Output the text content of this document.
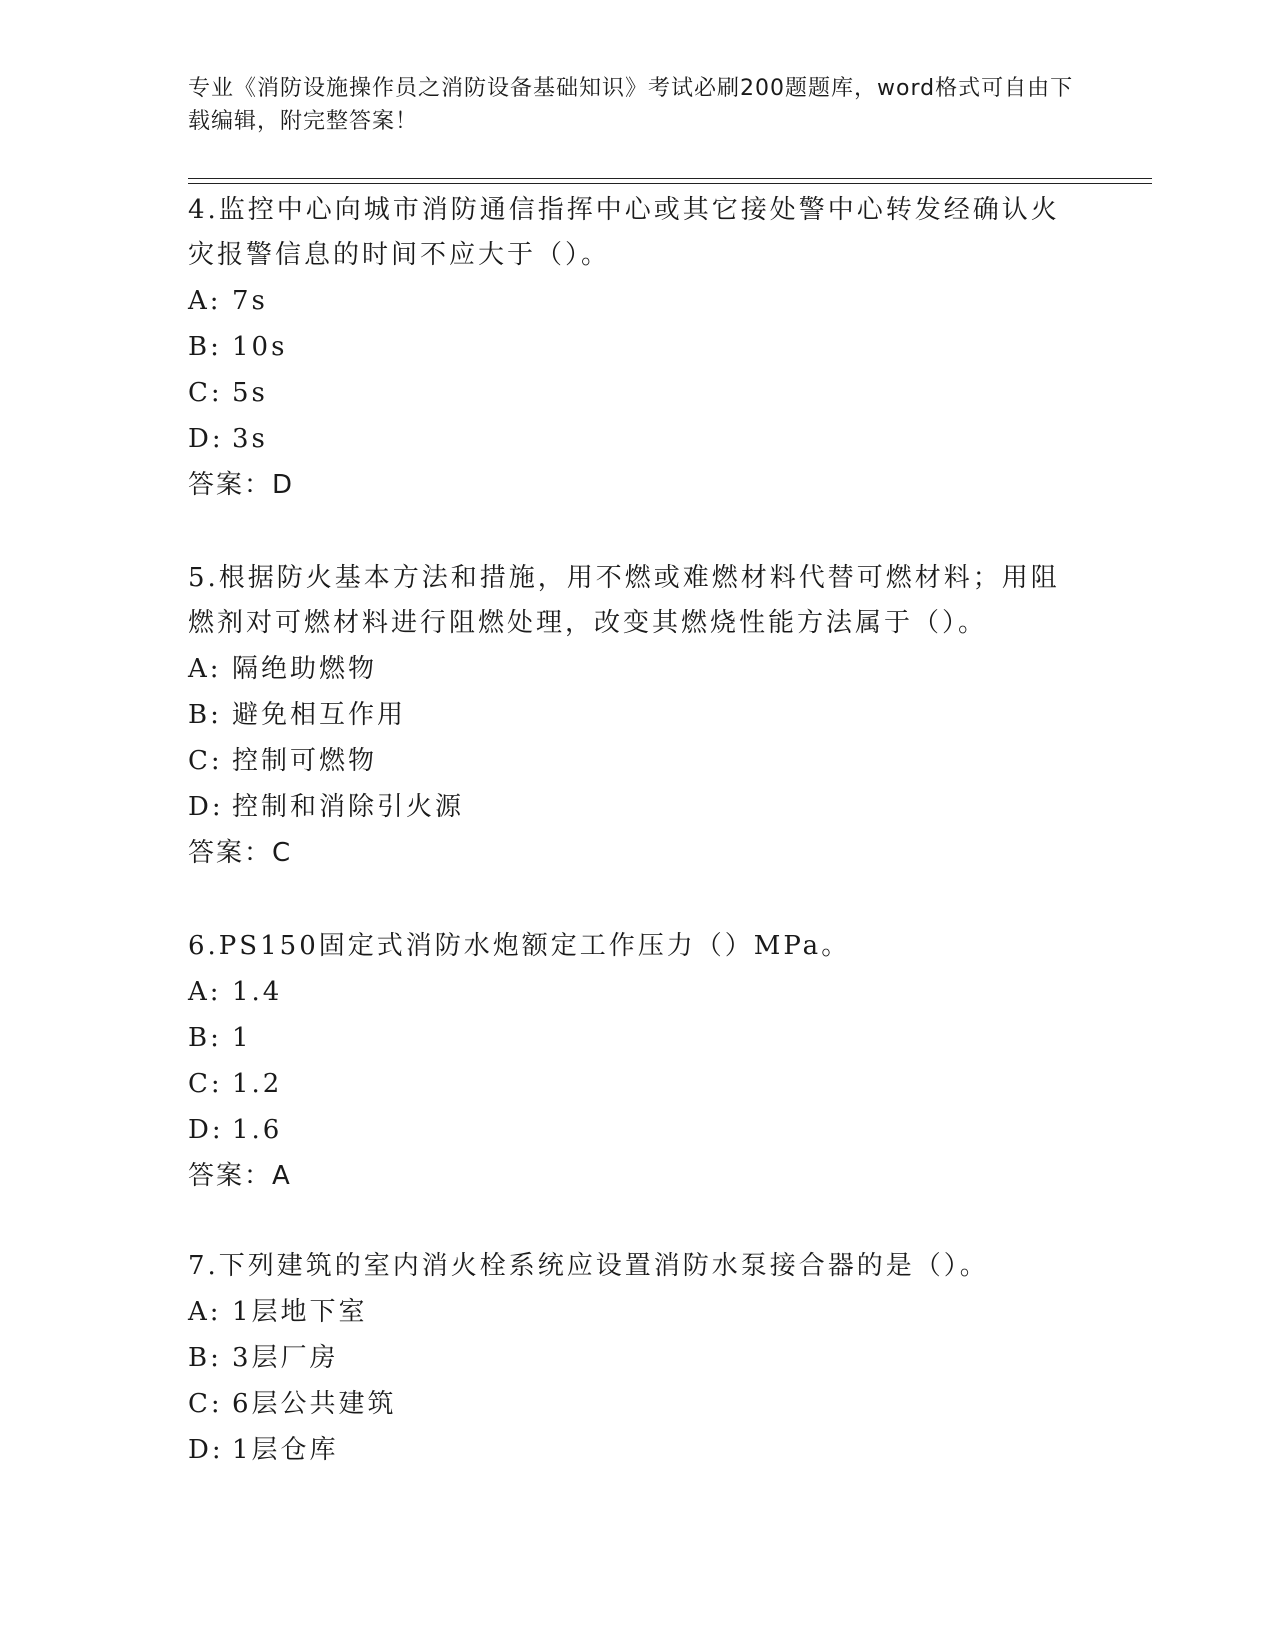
专业《消防设施操作员之消防设备基础知识》考试必刷200题题库，word格式可自由下载编辑，附完整答案！

4.监控中心向城市消防通信指挥中心或其它接处警中心转发经确认火灾报警信息的时间不应大于（）。

A: 7s

B: 10s

C: 5s

D: 3s

答案：D

5.根据防火基本方法和措施，用不燃或难燃材料代替可燃材料；用阻燃剂对可燃材料进行阻燃处理，改变其燃烧性能方法属于（）。

A: 隔绝助燃物

B: 避免相互作用

C: 控制可燃物

D: 控制和消除引火源

答案：C

6.PS150固定式消防水炮额定工作压力（）MPa。

A: 1.4

B: 1

C: 1.2

D: 1.6

答案：A

7.下列建筑的室内消火栓系统应设置消防水泵接合器的是（）。

A: 1层地下室

B: 3层厂房

C: 6层公共建筑

D: 1层仓库
